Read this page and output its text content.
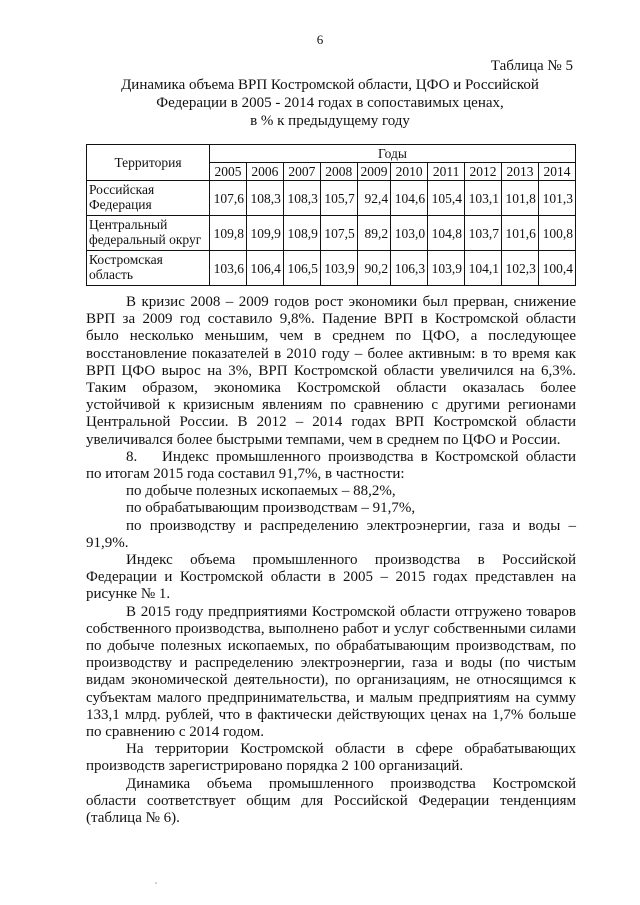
6
Таблица № 5
Динамика объема ВРП Костромской области, ЦФО и Российской
Федерации в 2005 - 2014 годах в сопоставимых ценах,
в % к предыдущему году
Территория	Годы									
	2005	2006	2007	2008	2009	2010	2011	2012	2013	2014

Российская
Федерация	107,6	108,3	108,3	105,7	92,4	104,6	105,4	103,1	101,8	101,3

Центральный
федеральный округ	109,8	109,9	108,9	107,5	89,2	103,0	104,8	103,7	101,6	100,8

Костромская
область	103,6	106,4	106,5	103,9	90,2	106,3	103,9	104,1	102,3	100,4

В кризис 2008 – 2009 годов рост экономики был прерван, снижение ВРП за 2009 год составило 9,8%. Падение ВРП в Костромской области было несколько меньшим, чем в среднем по ЦФО, а последующее восстановление показателей в 2010 году – более активным: в то время как ВРП ЦФО вырос на 3%, ВРП Костромской области увеличился на 6,3%. Таким образом, экономика Костромской области оказалась более устойчивой к кризисным явлениям по сравнению с другими регионами Центральной России. В 2012 – 2014 годах ВРП Костромской области увеличивался более быстрыми темпами, чем в среднем по ЦФО и России.

8. Индекс промышленного производства в Костромской области по итогам 2015 года составил 91,7%, в частности:

по добыче полезных ископаемых – 88,2%,

по обрабатывающим производствам – 91,7%,

по производству и распределению электроэнергии, газа и воды – 91,9%.

Индекс объема промышленного производства в Российской Федерации и Костромской области в 2005 – 2015 годах представлен на рисунке № 1.

В 2015 году предприятиями Костромской области отгружено товаров собственного производства, выполнено работ и услуг собственными силами по добыче полезных ископаемых, по обрабатывающим производствам, по производству и распределению электроэнергии, газа и воды (по чистым видам экономической деятельности), по организациям, не относящимся к субъектам малого предпринимательства, и малым предприятиям на сумму 133,1 млрд. рублей, что в фактически действующих ценах на 1,7% больше по сравнению с 2014 годом.

На территории Костромской области в сфере обрабатывающих производств зарегистрировано порядка 2 100 организаций.

Динамика объема промышленного производства Костромской области соответствует общим для Российской Федерации тенденциям (таблица № 6).
